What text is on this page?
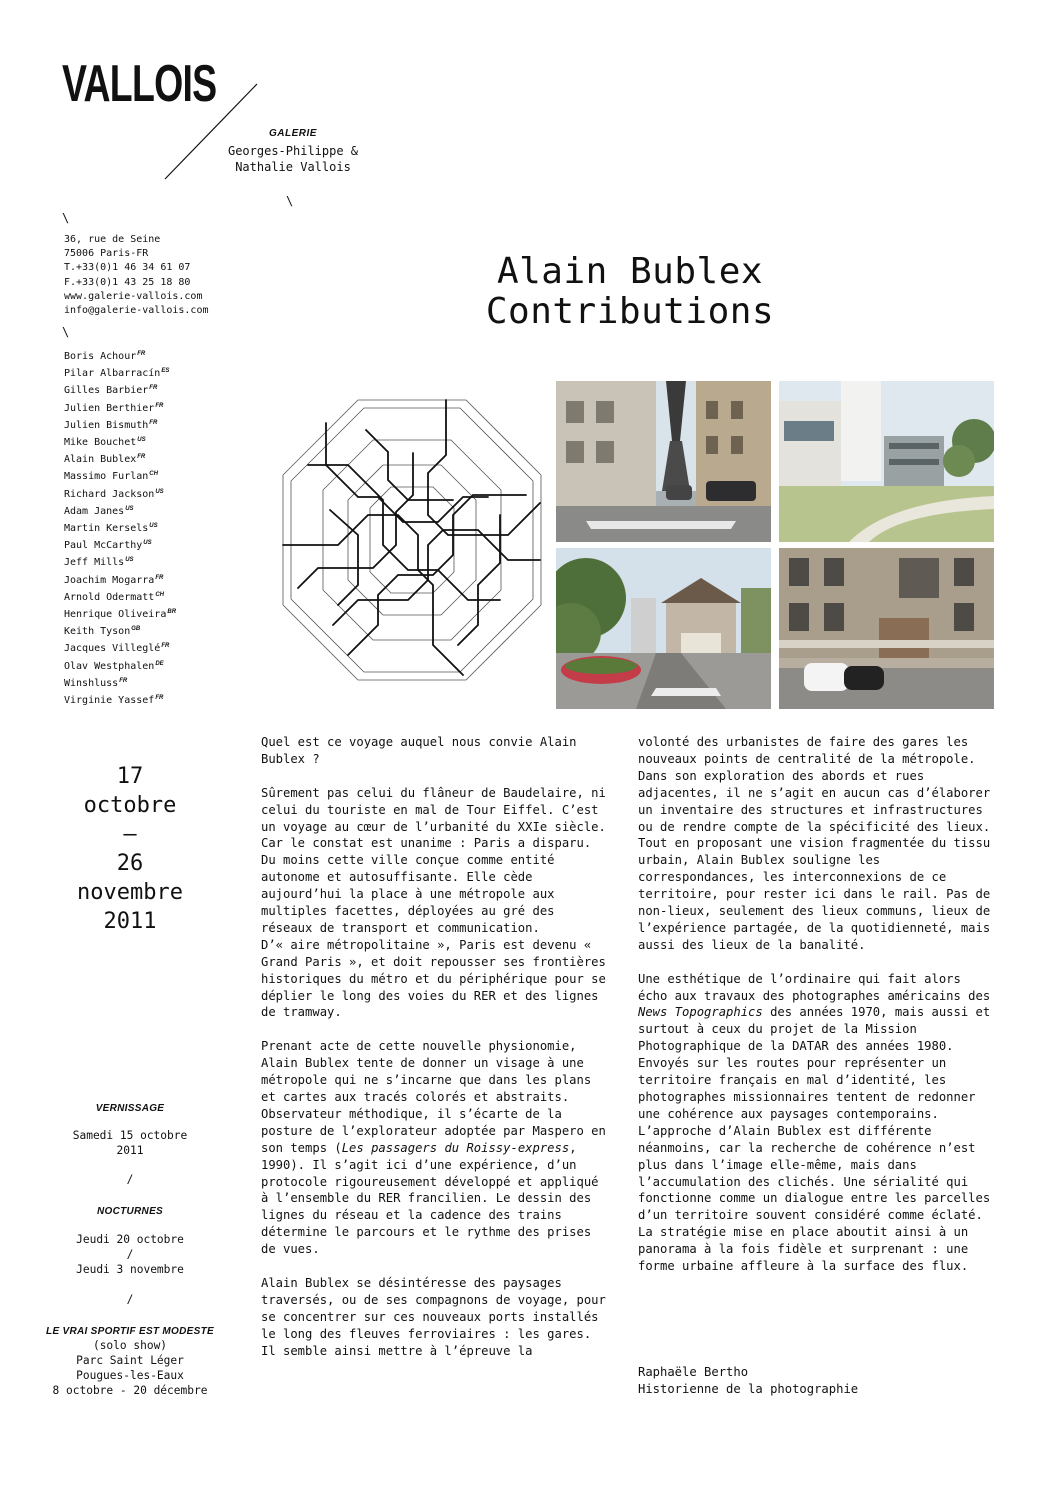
VALLOIS
GALERIE
Georges-Philippe & Nathalie Vallois
\
\
36, rue de Seine
75006 Paris-FR
T.+33(0)1 46 34 61 07
F.+33(0)1 43 25 18 80
www.galerie-vallois.com
info@galerie-vallois.com
\
Boris Achour$^{FR}$
Pilar Albarracín$^{ES}$
Gilles Barbier$^{FR}$
Julien Berthier$^{FR}$
Julien Bismuth$^{FR}$
Mike Bouchet$^{US}$
Alain Bublex$^{FR}$
Massimo Furlan$^{CH}$
Richard Jackson$^{US}$
Adam Janes$^{US}$
Martin Kersels$^{US}$
Paul McCarthy$^{US}$
Jeff Mills$^{US}$
Joachim Mogarra$^{FR}$
Arnold Odermatt$^{CH}$
Henrique Oliveira$^{BR}$
Keith Tyson$^{GB}$
Jacques Villeglé$^{FR}$
Olav Westphalen$^{DE}$
Winshluss$^{FR}$
Virginie Yassef$^{FR}$
Alain Bublex
Contributions
17
octobre
—
26
novembre
2011
VERNISSAGE
Samedi 15 octobre 2011
/
NOCTURNES
Jeudi 20 octobre
/
Jeudi 3 novembre
/
LE VRAI SPORTIF EST MODESTE
(solo show)
Parc Saint Léger
Pougues-les-Eaux
8 octobre - 20 décembre

Quel est ce voyage auquel nous convie Alain Bublex ?

Sûrement pas celui du flâneur de Baudelaire, ni celui du touriste en mal de Tour Eiffel. C’est un voyage au cœur de l’urbanité du XXIe siècle. Car le constat est unanime : Paris a disparu. Du moins cette ville conçue comme entité autonome et autosuffisante. Elle cède aujourd’hui la place à une métropole aux multiples facettes, déployées au gré des réseaux de transport et communication.

D’« aire métropolitaine », Paris est devenu « Grand Paris », et doit repousser ses frontières historiques du métro et du périphérique pour se déplier le long des voies du RER et des lignes de tramway.

Prenant acte de cette nouvelle physionomie, Alain Bublex tente de donner un visage à une métropole qui ne s’incarne que dans les plans et cartes aux tracés colorés et abstraits. Observateur méthodique, il s’écarte de la posture de l’explorateur adoptée par Maspero en son temps (Les passagers du Roissy-express, 1990). Il s’agit ici d’une expérience, d’un protocole rigoureusement développé et appliqué à l’ensemble du RER francilien. Le dessin des lignes du réseau et la cadence des trains détermine le parcours et le rythme des prises de vues.

Alain Bublex se désintéresse des paysages traversés, ou de ses compagnons de voyage, pour se concentrer sur ces nouveaux ports installés le long des fleuves ferroviaires : les gares. Il semble ainsi mettre à l’épreuve la

volonté des urbanistes de faire des gares les nouveaux points de centralité de la métropole. Dans son exploration des abords et rues adjacentes, il ne s’agit en aucun cas d’élaborer un inventaire des structures et infrastructures ou de rendre compte de la spécificité des lieux. Tout en proposant une vision fragmentée du tissu urbain, Alain Bublex souligne les correspondances, les interconnexions de ce territoire, pour rester ici dans le rail. Pas de non-lieux, seulement des lieux communs, lieux de l’expérience partagée, de la quotidienneté, mais aussi des lieux de la banalité.

Une esthétique de l’ordinaire qui fait alors écho aux travaux des photographes américains des News Topographics des années 1970, mais aussi et surtout à ceux du projet de la Mission Photographique de la DATAR des années 1980. Envoyés sur les routes pour représenter un territoire français en mal d’identité, les photographes missionnaires tentent de redonner une cohérence aux paysages contemporains. L’approche d’Alain Bublex est différente néanmoins, car la recherche de cohérence n’est plus dans l’image elle-même, mais dans l’accumulation des clichés. Une sérialité qui fonctionne comme un dialogue entre les parcelles d’un territoire souvent considéré comme éclaté. La stratégie mise en place aboutit ainsi à un panorama à la fois fidèle et surprenant : une forme urbaine affleure à la surface des flux.

Raphaële Bertho
Historienne de la photographie
